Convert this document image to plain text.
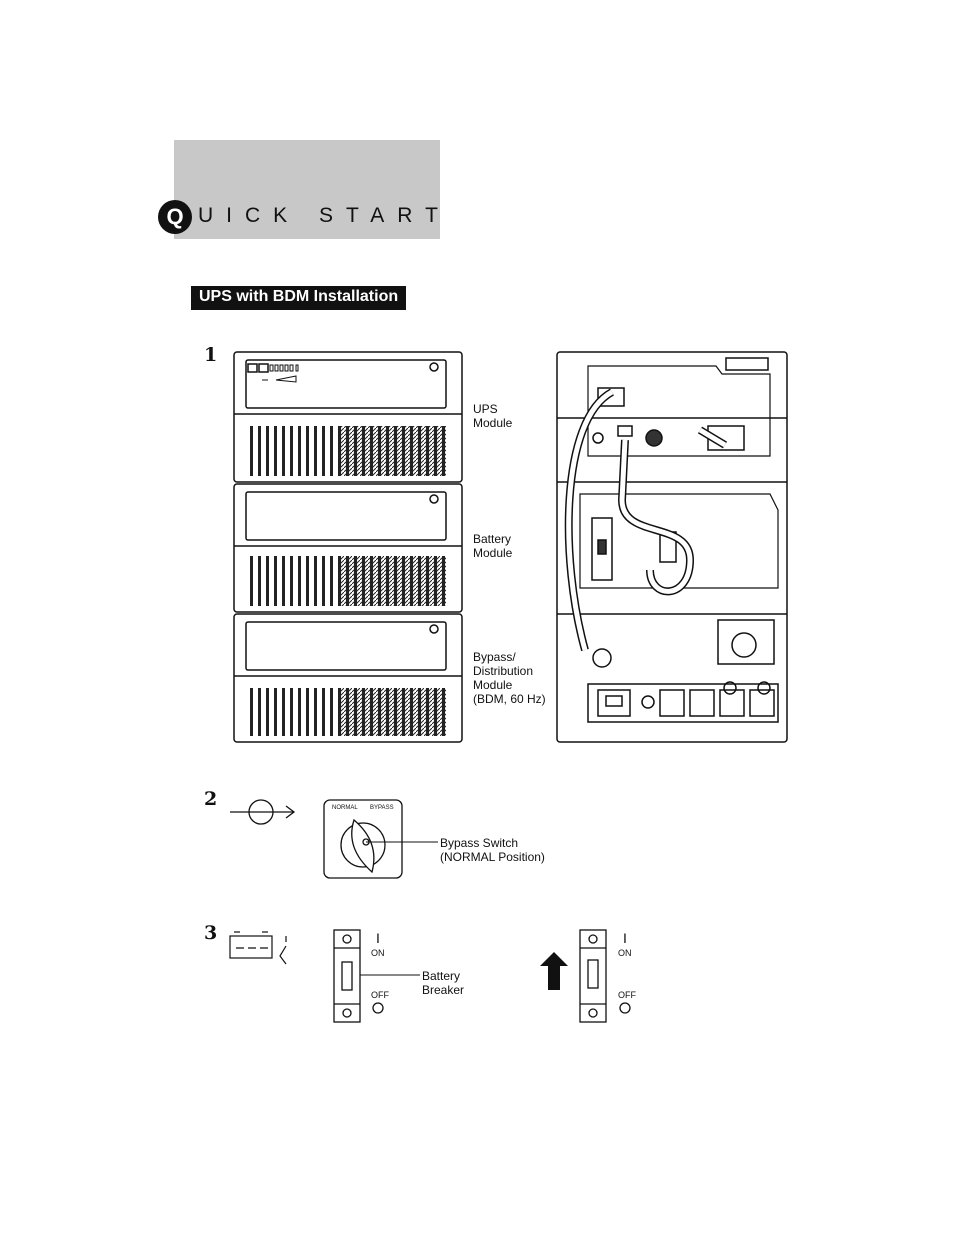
Q UICK START
UPS with BDM Installation
1
2
3
UPS
Module
Battery
Module
Bypass/
Distribution
Module
(BDM, 60 Hz)
NORMAL BYPASS
Bypass Switch
(NORMAL Position)
I
ON
OFF
Battery
Breaker
I
ON
OFF
